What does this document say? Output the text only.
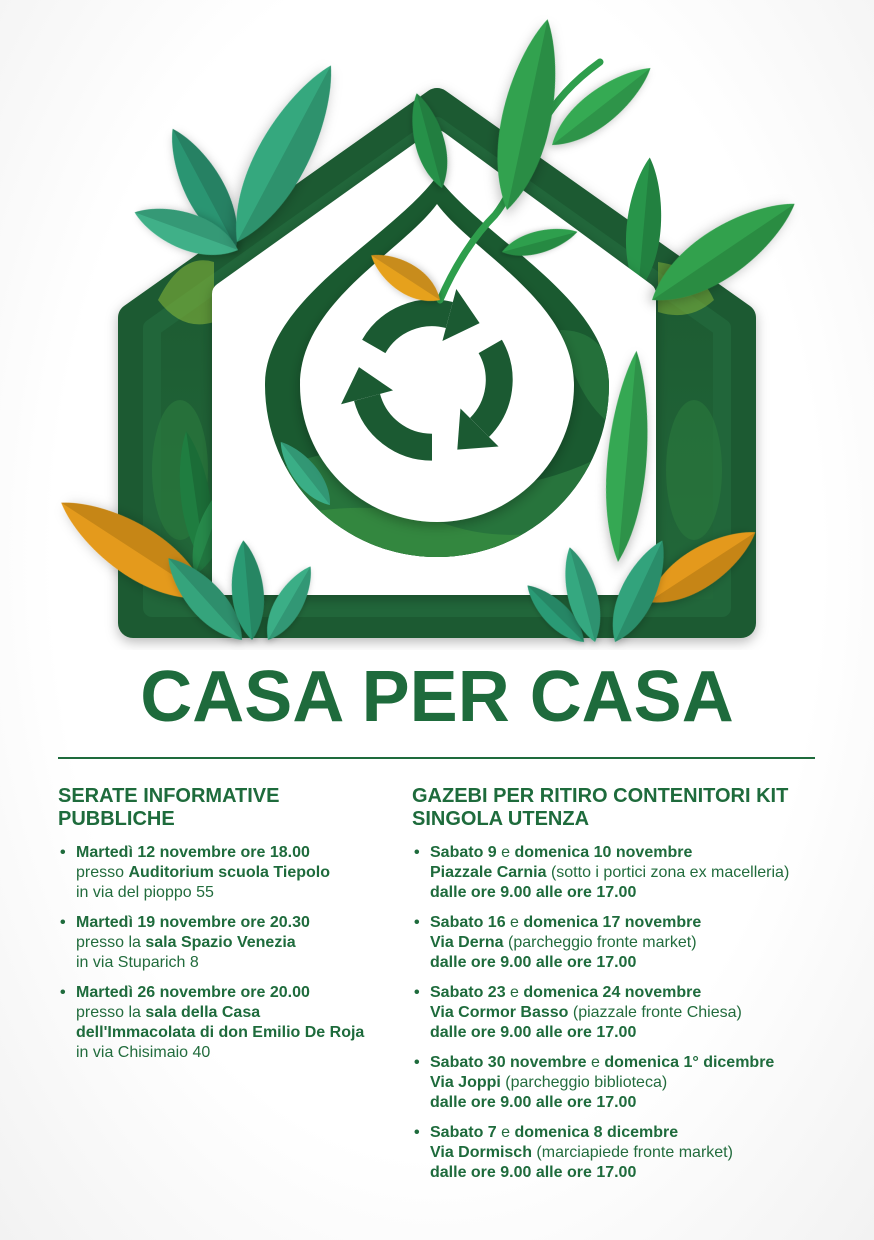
CASA PER CASA
SERATE INFORMATIVE PUBBLICHE
• Martedì 12 novembre ore 18.00
presso Auditorium scuola Tiepolo
in via del pioppo 55
• Martedì 19 novembre ore 20.30
presso la sala Spazio Venezia
in via Stuparich 8
• Martedì 26 novembre ore 20.00
presso la sala della Casa
dell'Immacolata di don Emilio De Roja
in via Chisimaio 40
GAZEBI PER RITIRO CONTENITORI KIT SINGOLA UTENZA
• Sabato 9 e domenica 10 novembre
Piazzale Carnia (sotto i portici zona ex macelleria)
dalle ore 9.00 alle ore 17.00
• Sabato 16 e domenica 17 novembre
Via Derna (parcheggio fronte market)
dalle ore 9.00 alle ore 17.00
• Sabato 23 e domenica 24 novembre
Via Cormor Basso (piazzale fronte Chiesa)
dalle ore 9.00 alle ore 17.00
• Sabato 30 novembre e domenica 1° dicembre
Via Joppi (parcheggio biblioteca)
dalle ore 9.00 alle ore 17.00
• Sabato 7 e domenica 8 dicembre
Via Dormisch (marciapiede fronte market)
dalle ore 9.00 alle ore 17.00
